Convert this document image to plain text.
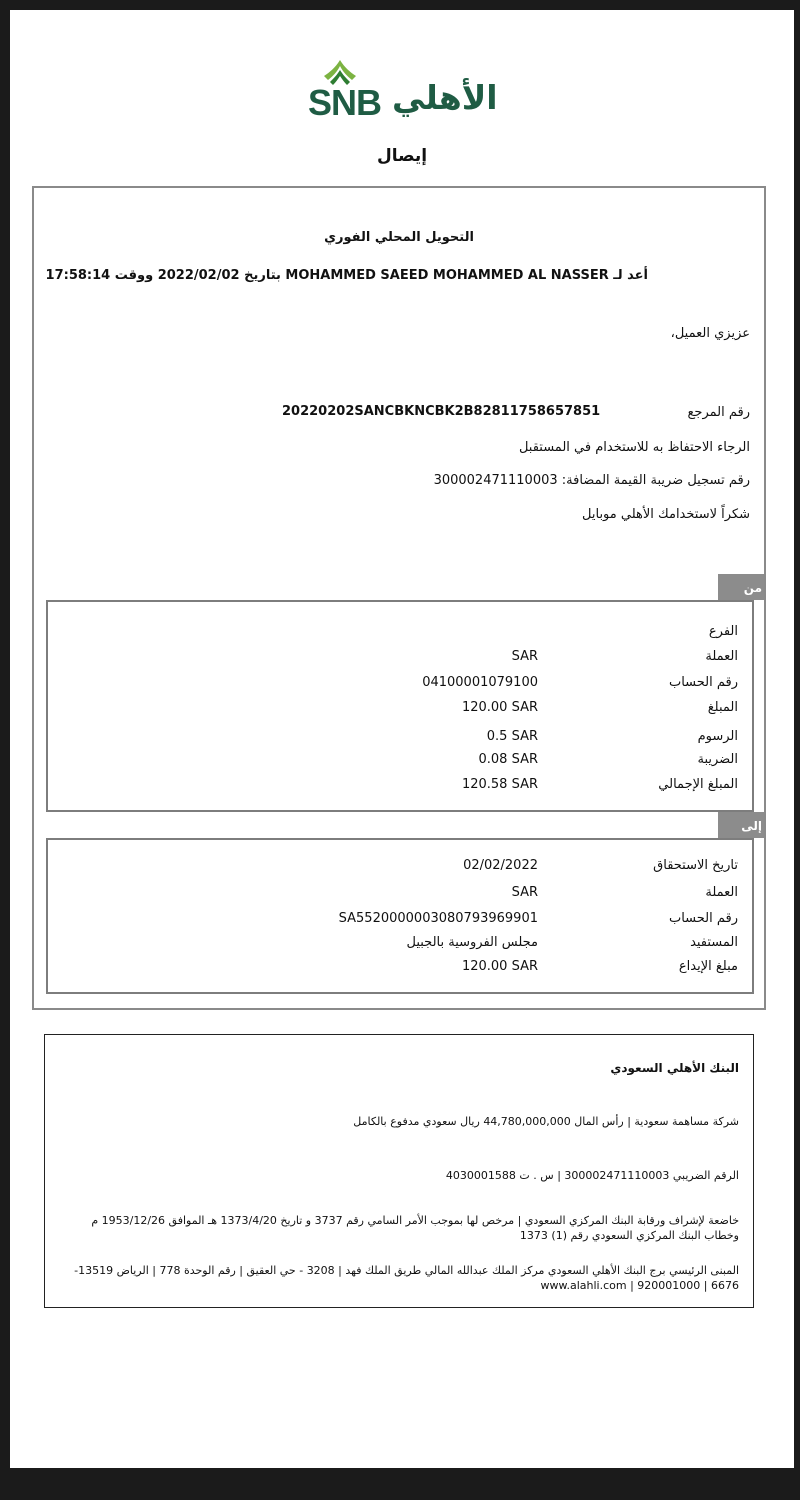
SNB الأهلي
إيصال
التحويل المحلي الفوري
أعد لـ MOHAMMED SAEED MOHAMMED AL NASSER بتاريخ 2022/02/02 ووقت 17:58:14
عزيزي العميل،
رقم المرجع
20220202SANCBKNCBK2B82811758657851
الرجاء الاحتفاظ به للاستخدام في المستقبل
رقم تسجيل ضريبة القيمة المضافة: 300002471110003
شكراً لاستخدامك الأهلي موبايل
من
الفرع
العملة
SAR
رقم الحساب
04100001079100
المبلغ
120.00 SAR
الرسوم
0.5 SAR
الضريبة
0.08 SAR
المبلغ الإجمالي
120.58 SAR
إلى
تاريخ الاستحقاق
02/02/2022
العملة
SAR
رقم الحساب
SA5520000003080793969901
المستفيد
مجلس الفروسية بالجبيل
مبلغ الإيداع
120.00 SAR
البنك الأهلي السعودي
شركة مساهمة سعودية | رأس المال 44,780,000,000 ريال سعودي مدفوع بالكامل
الرقم الضريبي 300002471110003 | س . ت 4030001588
خاضعة لإشراف ورقابة البنك المركزي السعودي | مرخص لها بموجب الأمر السامي رقم 3737 و تاريخ 1373/4/20 هـ الموافق 1953/12/26 م وخطاب البنك المركزي السعودي رقم (1) 1373
المبنى الرئيسي برج البنك الأهلي السعودي مركز الملك عبدالله المالي طريق الملك فهد | 3208 - حي العقيق | رقم الوحدة 778 | الرياض 13519-6676 | www.alahli.com | 920001000
